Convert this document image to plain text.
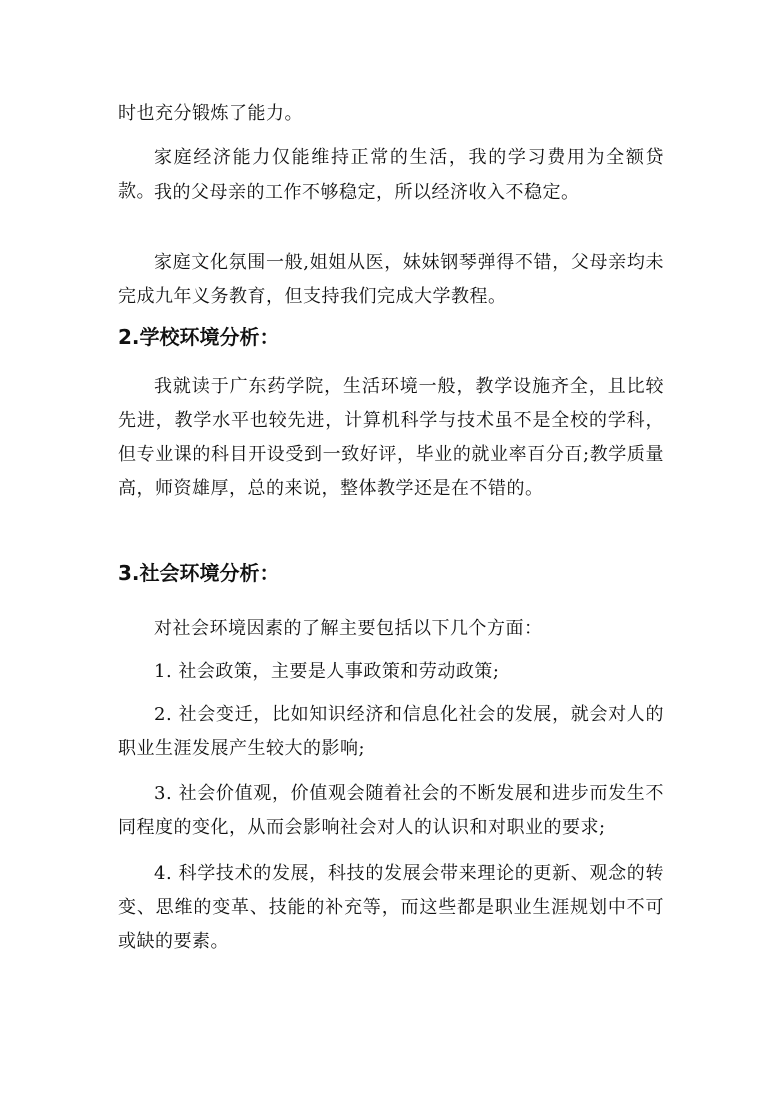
时也充分锻炼了能力。

家庭经济能力仅能维持正常的生活，我的学习费用为全额贷款。 我的父母亲的工作不够稳定，所以经济收入不稳定。

家庭文化氛围一般,姐姐从医，妹妹钢琴弹得不错，父母亲均未完成九年义务教育，但支持我们完成大学教程。

2.学校环境分析：

我就读于广东药学院，生活环境一般，教学设施齐全，且比较先进，教学水平也较先进，计算机科学与技术虽不是全校的学科，但专业课的科目开设受到一致好评，毕业的就业率百分百;教学质量高，师资雄厚，总的来说，整体教学还是在不错的。

3.社会环境分析：

对社会环境因素的了解主要包括以下几个方面：

1. 社会政策，主要是人事政策和劳动政策;

2. 社会变迁，比如知识经济和信息化社会的发展，就会对人的职业生涯发展产生较大的影响;

3. 社会价值观，价值观会随着社会的不断发展和进步而发生不同程度的变化，从而会影响社会对人的认识和对职业的要求;

4. 科学技术的发展，科技的发展会带来理论的更新、观念的转变、思维的变革、技能的补充等，而这些都是职业生涯规划中不可或缺的要素。
